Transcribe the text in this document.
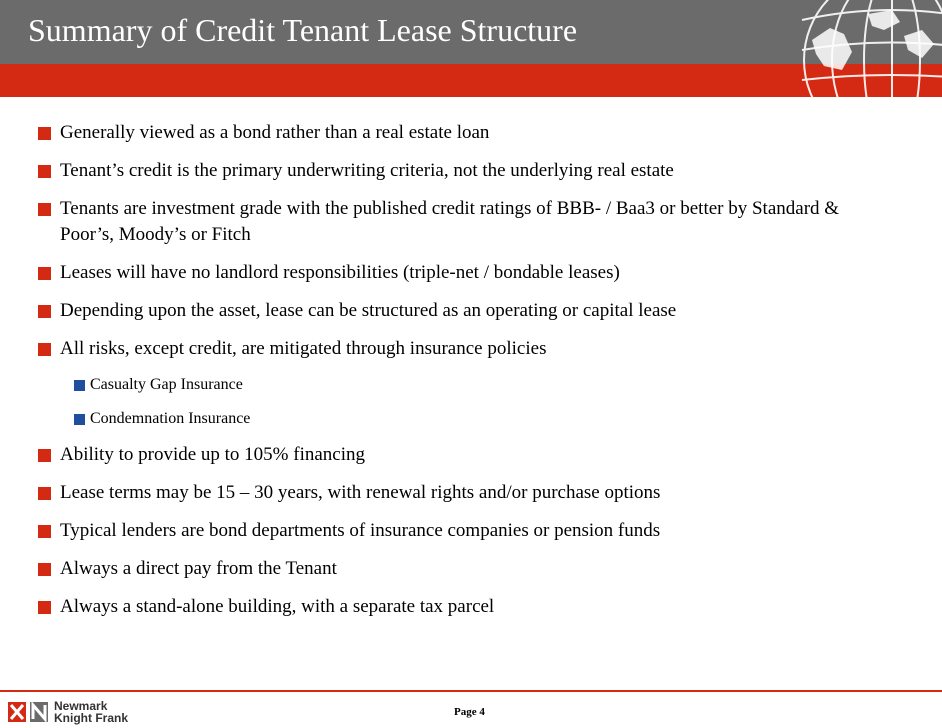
Summary of Credit Tenant Lease Structure
Generally viewed as a bond rather than a real estate loan
Tenant’s credit is the primary underwriting criteria, not the underlying real estate
Tenants are investment grade with the published credit ratings of BBB- / Baa3 or better by Standard & Poor’s, Moody’s or Fitch
Leases will have no landlord responsibilities (triple-net / bondable leases)
Depending upon the asset, lease can be structured as an operating or capital lease
All risks, except credit, are mitigated through insurance policies
Casualty Gap Insurance
Condemnation Insurance
Ability to provide up to 105% financing
Lease terms may be 15 – 30 years, with renewal rights and/or purchase options
Typical lenders are bond departments of insurance companies or pension funds
Always a direct pay from the Tenant
Always a stand-alone building, with a separate tax parcel
Newmark
Knight Frank	Page 4
